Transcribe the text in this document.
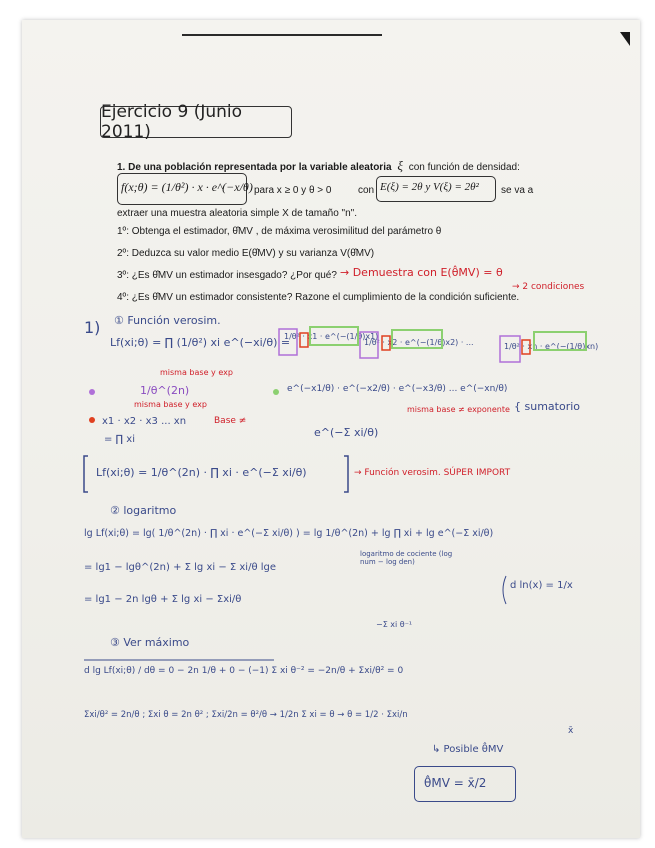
Ejercicio 9 (Junio 2011)
1. De una población representada por la variable aleatoria ξ con función de densidad:
f(x;θ) = (1/θ²) · x · e^(−x/θ) para x ≥ 0 y θ > 0	con E(ξ) = 2θ y V(ξ) = 2θ² se va a
extraer una muestra aleatoria simple X de tamaño "n".
1º: Obtenga el estimador, θ̂MV , de máxima verosimilitud del parámetro θ
2º: Deduzca su valor medio E(θ̂MV) y su varianza V(θ̂MV)
3º: ¿Es θ̂MV un estimador insesgado? ¿Por qué? → Demuestra con E(θ̂MV) = θ
4º: ¿Es θ̂MV un estimador consistente? Razone el cumplimiento de la condición suficiente.
→ 2 condiciones
1) ① Función verosim.
Lf(xi;θ) = ∏ (1/θ²) xi e^(−xi/θ) =
1/θ² · x1 · e^(−(1/θ)x1) ·
1/θ² · x2 · e^(−(1/θ)x2) · ...	1/θ² · xn · e^(−(1/θ)xn)
misma base y exp
1/θ^(2n)
misma base y exp
e^(−x1/θ) · e^(−x2/θ) · e^(−x3/θ) ... e^(−xn/θ)
misma base ≠ exponente { sumatorio
x1 · x2 · x3 ... xn	Base ≠
= ∏ xi
e^(−Σ xi/θ)
Lf(xi;θ) = 1/θ^(2n) · ∏ xi · e^(−Σ xi/θ)	→ Función verosim. SÚPER IMPORT
② logaritmo
lg Lf(xi;θ) = lg( 1/θ^(2n) · ∏ xi · e^(−Σ xi/θ) ) = lg 1/θ^(2n) + lg ∏ xi + lg e^(−Σ xi/θ)
logaritmo de cociente (log num − log den)
= lg1 − lgθ^(2n) + Σ lg xi − Σ xi/θ lge
= lg1 − 2n lgθ + Σ lg xi − Σxi/θ
d ln(x) = 1/x
−Σ xi θ⁻¹
③ Ver máximo
d lg Lf(xi;θ) / dθ = 0 − 2n 1/θ + 0 − (−1) Σ xi θ⁻² = −2n/θ + Σxi/θ² = 0
Σxi/θ² = 2n/θ ; Σxi θ = 2n θ² ; Σxi/2n = θ²/θ → 1/2n Σ xi = θ → θ = 1/2 · Σxi/n
x̄
↳ Posible θ̂MV
θ̂MV = x̄/2
